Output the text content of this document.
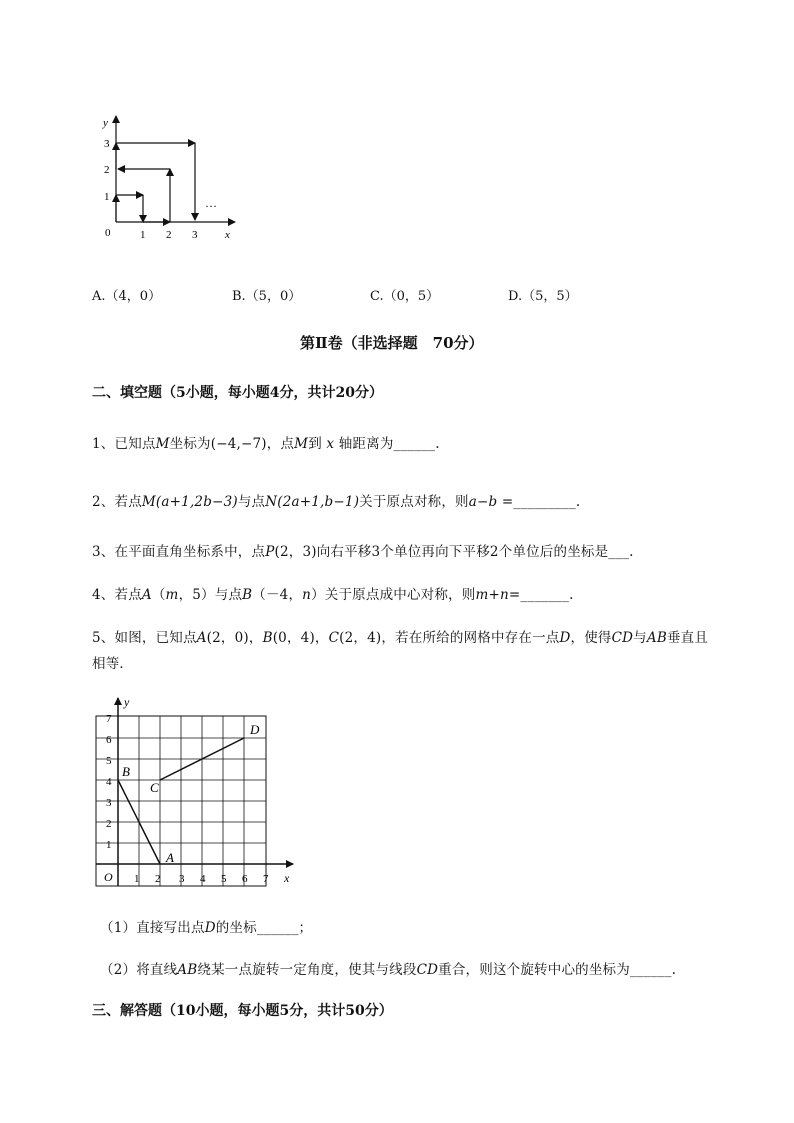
y
x
0	1 2 3
1
2
3
…
A.（4，0）	B.（5，0）	C.（0，5）	D.（5，5）
第Ⅱ卷（非选择题　70分）
二、填空题（5小题，每小题4分，共计20分）
1、已知点M坐标为(−4,−7)，点M到 x 轴距离为______.
2、若点M(a+1,2b−3)与点N(2a+1,b−1)关于原点对称，则a−b =_________.
3、在平面直角坐标系中，点P(2，3)向右平移3个单位再向下平移2个单位后的坐标是___.
4、若点A（m，5）与点B（－4，n）关于原点成中心对称，则m+n=_______.
5、如图，已知点A(2，0)，B(0，4)，C(2，4)，若在所给的网格中存在一点D，使得CD与AB垂直且
相等．
y
x
O 1 2 3 4 5 6 7
1
2
3
4
5
6
7
A
B
C
D
（1）直接写出点D的坐标______；
（2）将直线AB绕某一点旋转一定角度，使其与线段CD重合，则这个旋转中心的坐标为______.
三、解答题（10小题，每小题5分，共计50分）
